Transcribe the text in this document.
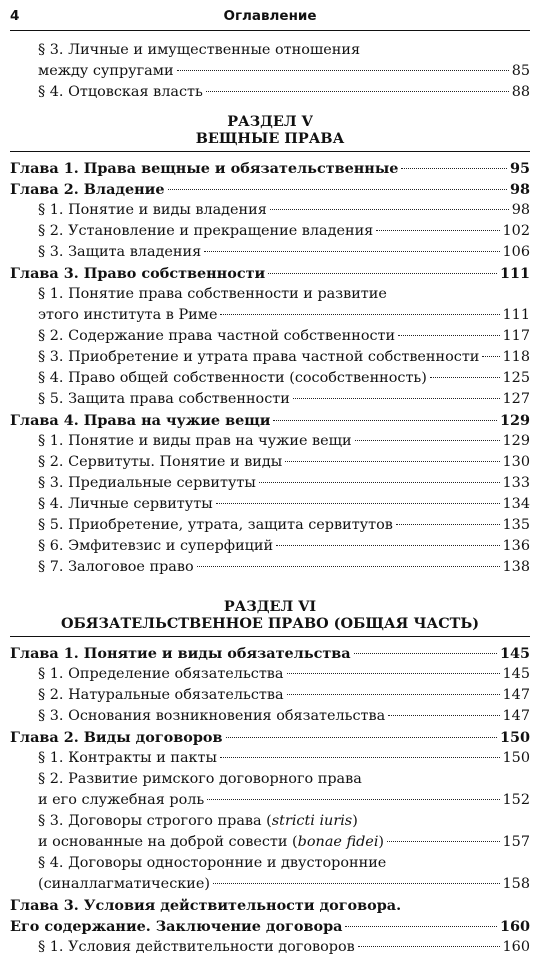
4	Оглавление
§ 3. Личные и имущественные отношения
между супругами	85
§ 4. Отцовская власть	88
РАЗДЕЛ V
ВЕЩНЫЕ ПРАВА
Глава 1. Права вещные и обязательственные	95
Глава 2. Владение	98
§ 1. Понятие и виды владения	98
§ 2. Установление и прекращение владения	102
§ 3. Защита владения	106
Глава 3. Право собственности	111
§ 1. Понятие права собственности и развитие
этого института в Риме	111
§ 2. Содержание права частной собственности	117
§ 3. Приобретение и утрата права частной собственности 118
§ 4. Право общей собственности (сособственность)	125
§ 5. Защита права собственности	127
Глава 4. Права на чужие вещи	129
§ 1. Понятие и виды прав на чужие вещи	129
§ 2. Сервитуты. Понятие и виды	130
§ 3. Предиальные сервитуты	133
§ 4. Личные сервитуты	134
§ 5. Приобретение, утрата, защита сервитутов	135
§ 6. Эмфитевзис и суперфиций	136
§ 7. Залоговое право	138
РАЗДЕЛ VI
ОБЯЗАТЕЛЬСТВЕННОЕ ПРАВО (ОБЩАЯ ЧАСТЬ)
Глава 1. Понятие и виды обязательства	145
§ 1. Определение обязательства	145
§ 2. Натуральные обязательства	147
§ 3. Основания возникновения обязательства	147
Глава 2. Виды договоров	150
§ 1. Контракты и пакты	150
§ 2. Развитие римского договорного права
и его служебная роль	152
§ 3. Договоры строгого права (stricti iuris)
и основанные на доброй совести (bonae fidei)	157
§ 4. Договоры односторонние и двусторонние
(синаллагматические)	158
Глава 3. Условия действительности договора.
Его содержание. Заключение договора	160
§ 1. Условия действительности договоров	160
